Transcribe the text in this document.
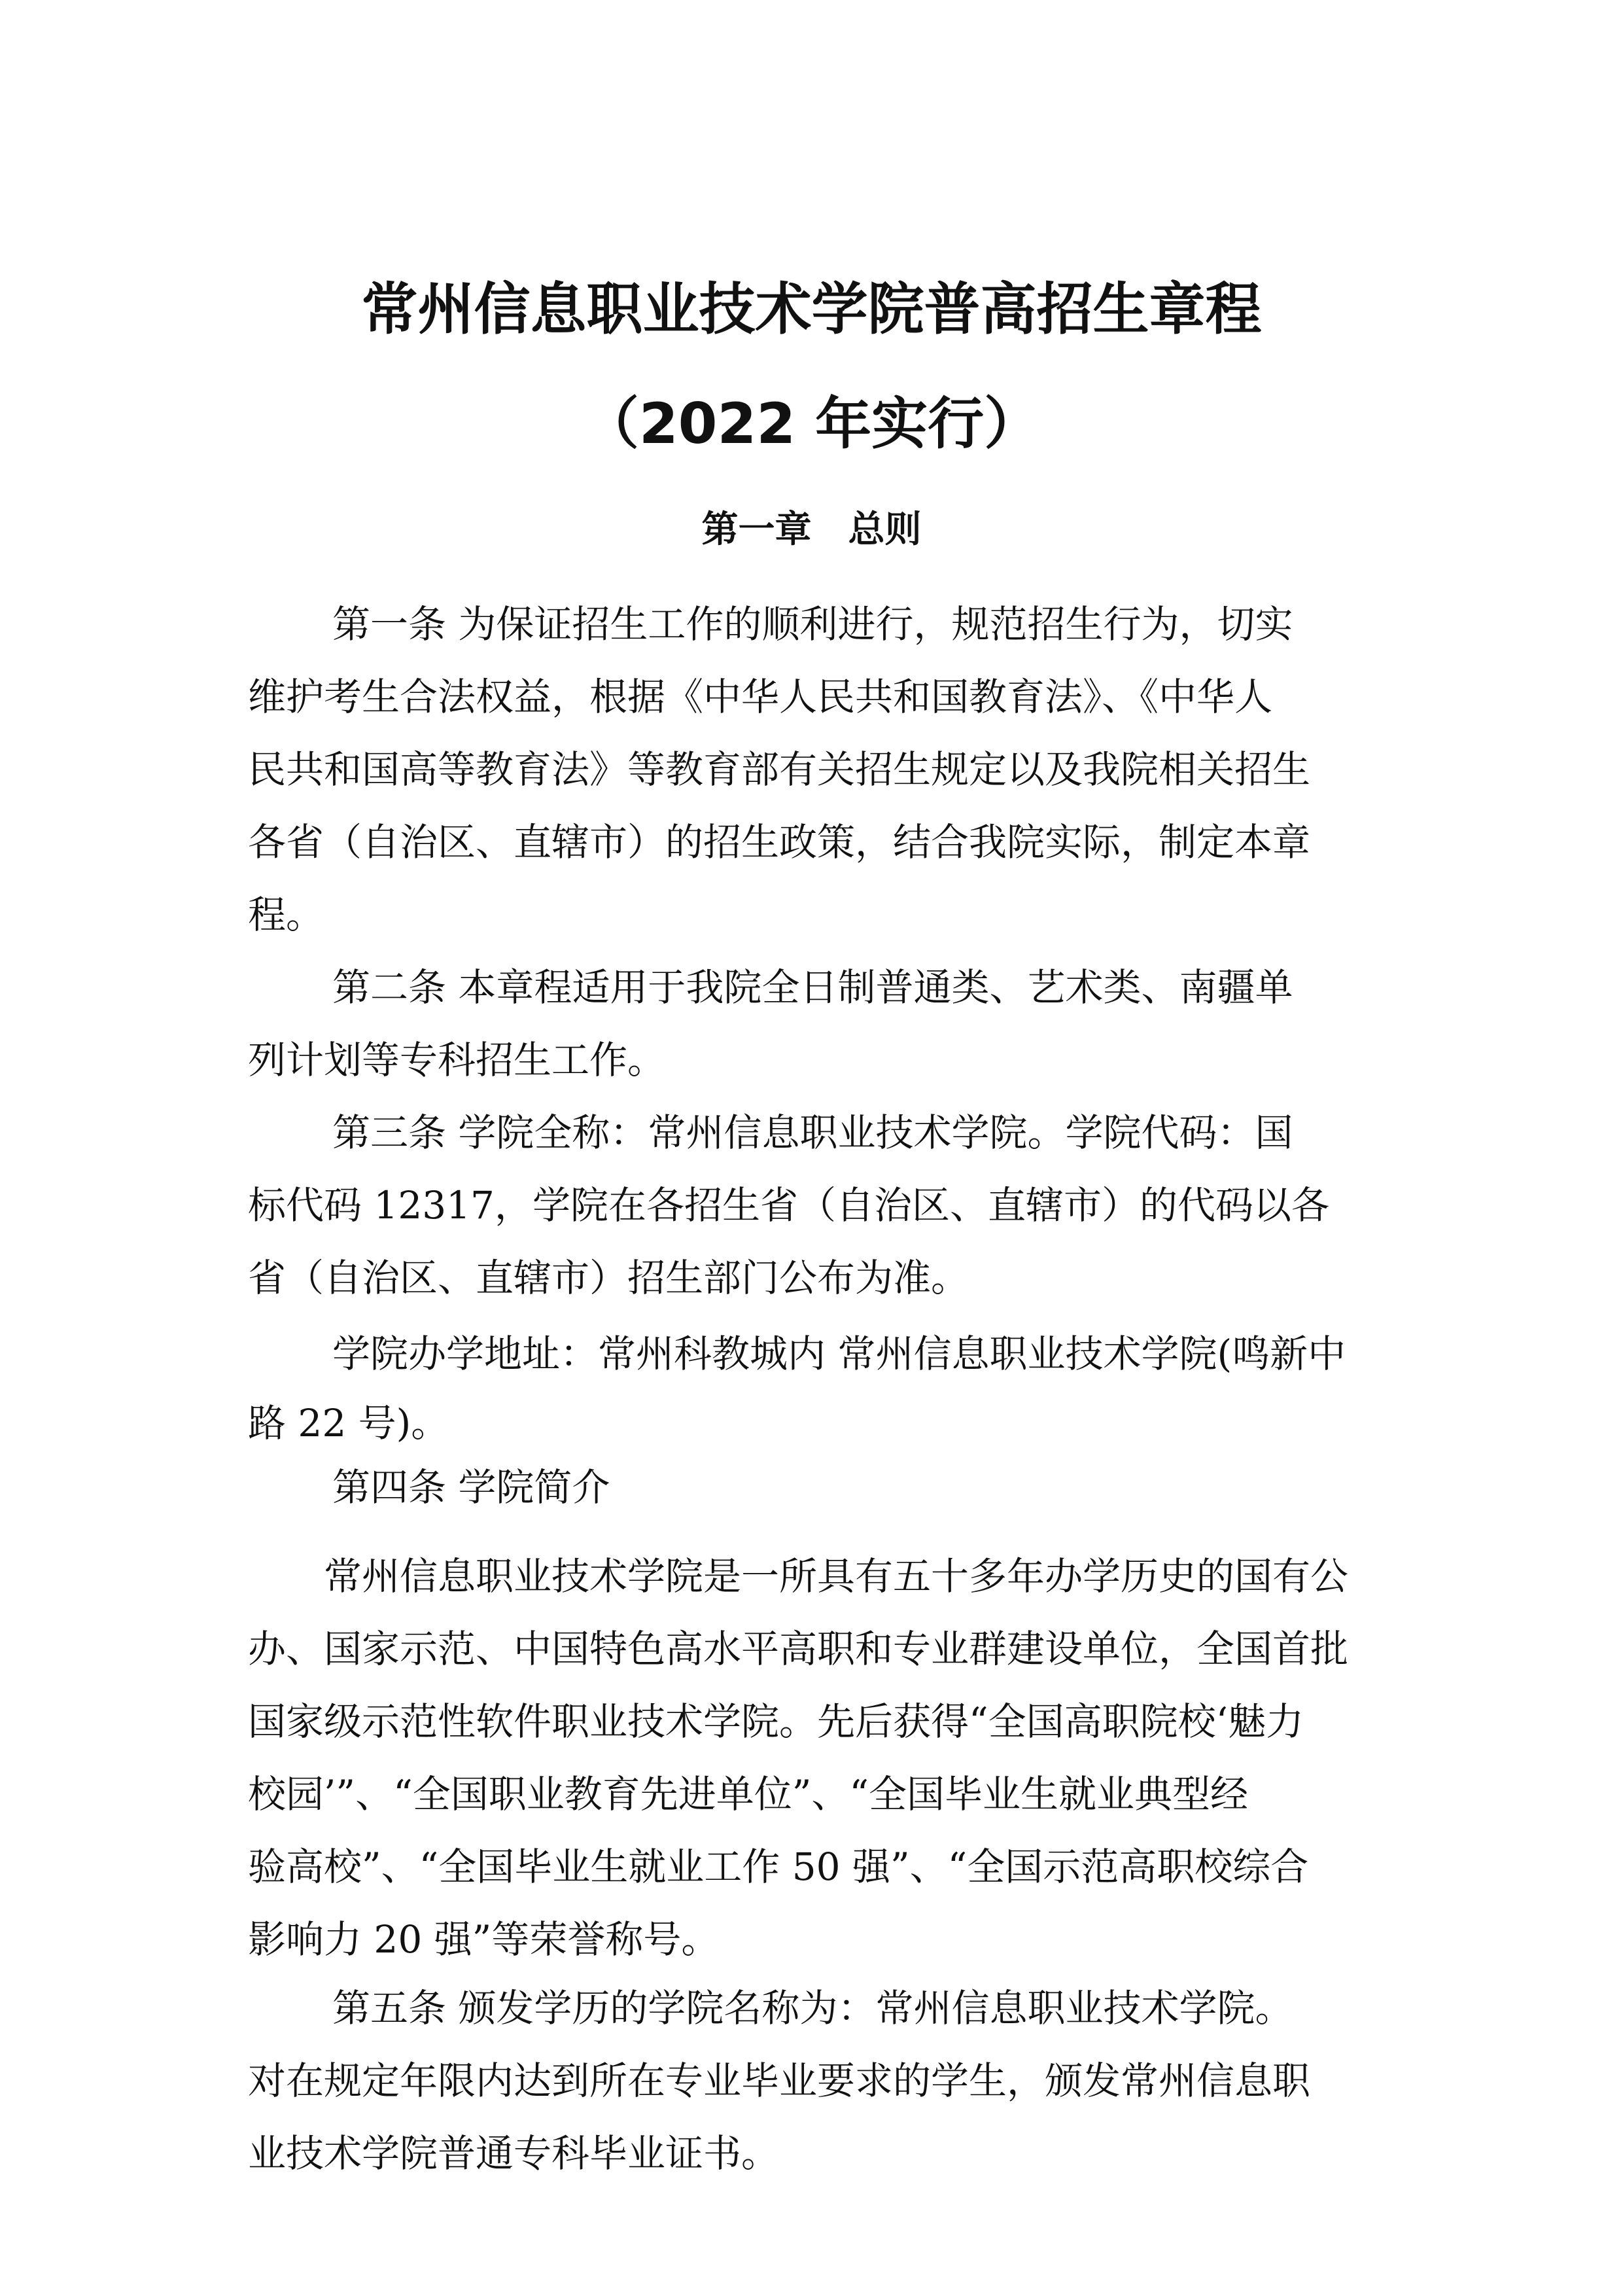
常州信息职业技术学院普高招生章程
（2022 年实行）
第一章　总则
第一条 为保证招生工作的顺利进行，规范招生行为，切实
维护考生合法权益，根据《中华人民共和国教育法》、《中华人
民共和国高等教育法》等教育部有关招生规定以及我院相关招生
各省（自治区、直辖市）的招生政策，结合我院实际，制定本章
程。
第二条 本章程适用于我院全日制普通类、艺术类、南疆单
列计划等专科招生工作。
第三条 学院全称：常州信息职业技术学院。学院代码：国
标代码 12317，学院在各招生省（自治区、直辖市）的代码以各
省（自治区、直辖市）招生部门公布为准。
学院办学地址：常州科教城内 常州信息职业技术学院(鸣新中
路 22 号)。
第四条 学院简介
常州信息职业技术学院是一所具有五十多年办学历史的国有公
办、国家示范、中国特色高水平高职和专业群建设单位，全国首批
国家级示范性软件职业技术学院。先后获得“全国高职院校‘魅力
校园’”、“全国职业教育先进单位”、“全国毕业生就业典型经
验高校”、“全国毕业生就业工作 50 强”、“全国示范高职校综合
影响力 20 强”等荣誉称号。
第五条 颁发学历的学院名称为：常州信息职业技术学院。
对在规定年限内达到所在专业毕业要求的学生，颁发常州信息职
业技术学院普通专科毕业证书。
